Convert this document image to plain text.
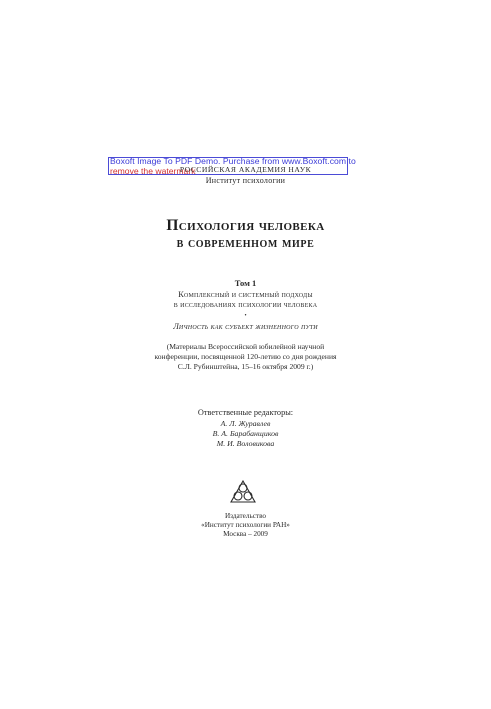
Boxoft Image To PDF Demo. Purchase from www.Boxoft.com to
remove the watermark
РОССИЙСКАЯ АКАДЕМИЯ НАУК
Институт психологии
Психология человека
в современном мире
Том 1
Комплексный и системный подходы
в исследованиях психологии человека
•
Личность как субъект жизненного пути
(Материалы Всероссийской юбилейной научной
конференции, посвященной 120-летию со дня рождения
С.Л. Рубинштейна, 15–16 октября 2009 г.)
Ответственные редакторы:
А. Л. Журавлев
В. А. Барабанщиков
М. И. Воловикова
Издательство
«Институт психологии РАН»
Москва – 2009
